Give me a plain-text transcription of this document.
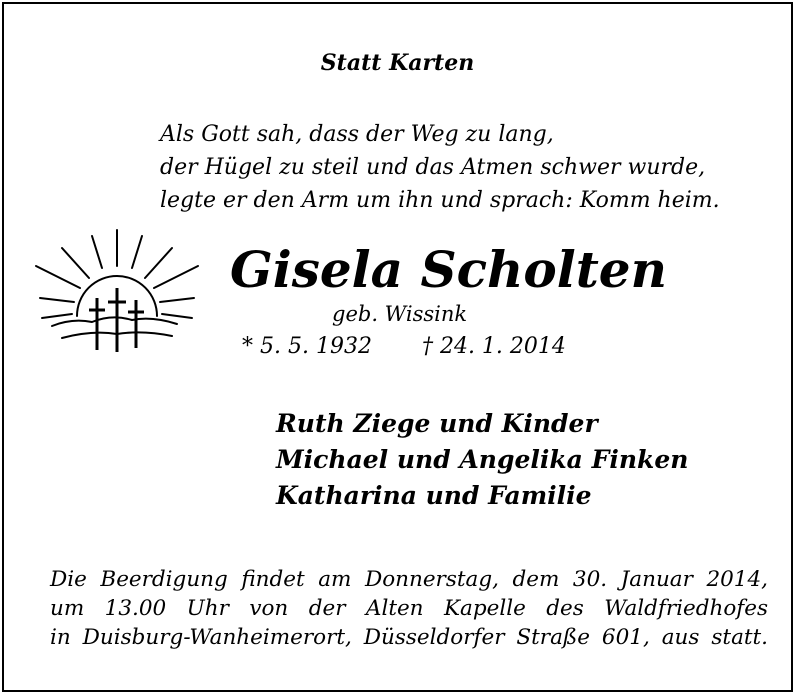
Statt Karten
Als Gott sah, dass der Weg zu lang,
der Hügel zu steil und das Atmen schwer wurde,
legte er den Arm um ihn und sprach: Komm heim.
Gisela Scholten
geb. Wissink
* 5. 5. 1932 † 24. 1. 2014
Ruth Ziege und Kinder
Michael und Angelika Finken
Katharina und Familie
Die Beerdigung findet am Donnerstag, dem 30. Januar 2014,
um 13.00 Uhr von der Alten Kapelle des Waldfriedhofes
in Duisburg-Wanheimerort, Düsseldorfer Straße 601, aus statt.
